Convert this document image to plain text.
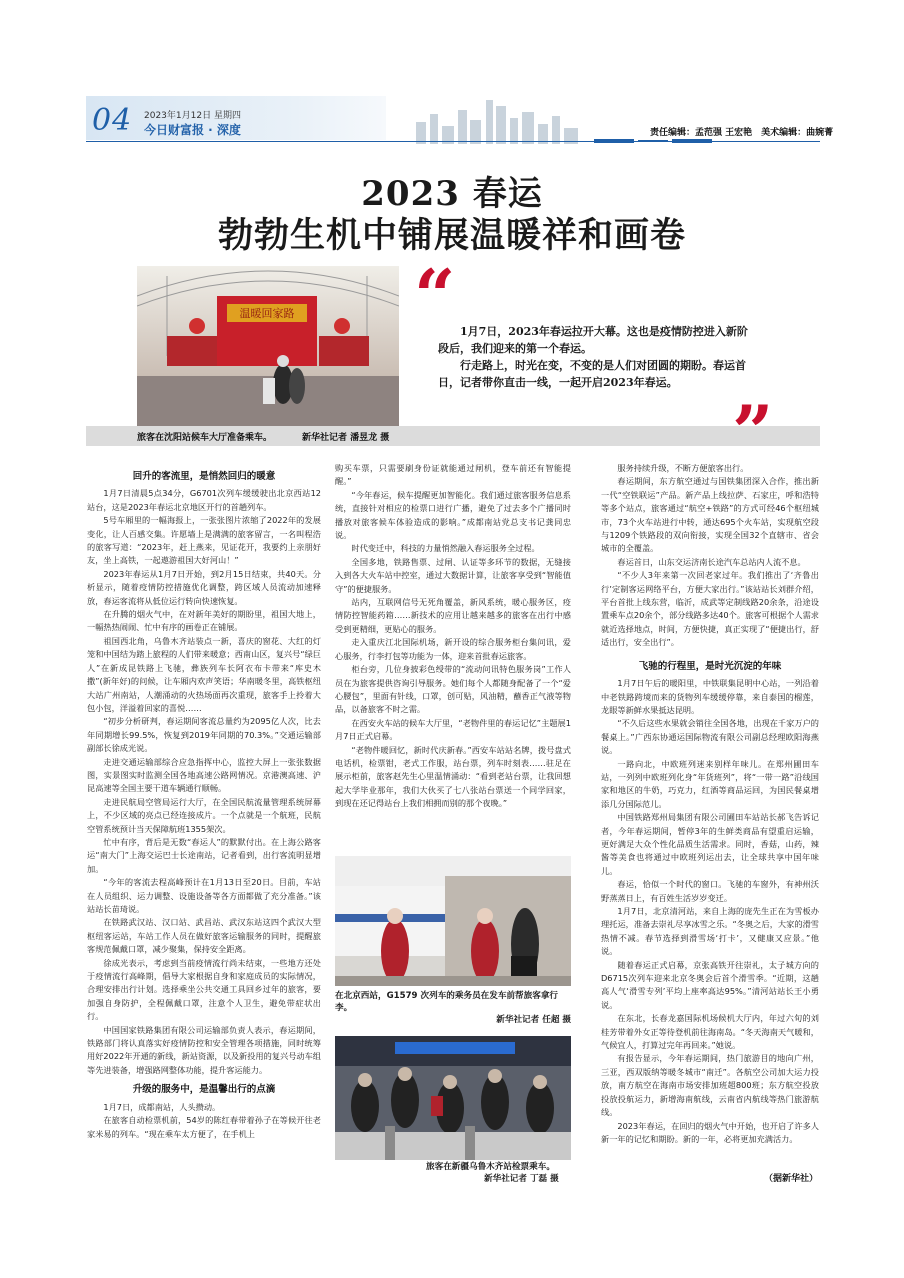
04 2023年1月12日 星期四
今日财富报 · 深度	责任编辑：孟范强 王宏艳　美术编辑：曲婉菁
2023 春运
勃勃生机中铺展温暖祥和画卷
温暖回家路
旅客在沈阳站候车大厅准备乘车。	新华社记者 潘昱龙 摄
“
”

1月7日，2023年春运拉开大幕。这也是疫情防控进入新阶段后，我们迎来的第一个春运。

行走路上，时光在变，不变的是人们对团圆的期盼。春运首日，记者带你直击一线，一起开启2023年春运。

回升的客流里，是悄然回归的暖意

1月7日清晨5点34分，G6701次列车缓缓驶出北京西站12站台，这是2023年春运北京地区开行的首趟列车。

5号车厢里的一幅海报上，一张张图片浓缩了2022年的发展变化，让人百感交集。许愿墙上是满满的旅客留言，一名叫程浩的旅客写道：“2023年，赶上燕来，见证花开，我要约上亲朋好友，坐上高铁，一起遨游祖国大好河山！”

2023年春运从1月7日开始，到2月15日结束，共40天。分析显示，随着疫情防控措施优化调整，跨区域人员流动加速释放，春运客流将从低位运行转向快速恢复。

在升腾的烟火气中，在对新年美好的期盼里，祖国大地上，一幅热热闹闹、忙中有序的画卷正在铺展。

祖国西北角，乌鲁木齐站装点一新，喜庆的窗花、大红的灯笼和中国结为踏上旅程的人们带来暖意；西南山区，复兴号“绿巨人”在新成昆铁路上飞驰，彝族列车长阿衣布卡带来“库史木撒”(新年好)的问候，让车厢内欢声笑语；华南暖冬里，高铁枢纽大站广州南站，人潮涌动的火热场面再次重现，旅客手上拎着大包小包，洋溢着回家的喜悦……

“初步分析研判，春运期间客流总量约为2095亿人次，比去年同期增长99.5%，恢复到2019年同期的70.3%。”交通运输部副部长徐成光说。

走进交通运输部综合应急指挥中心，监控大屏上一张张数据图，实景图实时监测全国各地高速公路网情况。京港澳高速、沪昆高速等全国主要干道车辆通行顺畅。

走进民航局空管局运行大厅，在全国民航流量管理系统屏幕上，不少区域的亮点已经连接成片。一个点就是一个航班，民航空管系统预计当天保障航班1355架次。

忙中有序，背后是无数“春运人”的默默付出。在上海公路客运“南大门”上海交运巴士长途南站，记者看到，出行客流明显增加。

“今年的客流去程高峰预计在1月13日至20日。目前，车站在人员组织、运力调整、设施设备等各方面都做了充分准备。”该站站长苗琦说。

在铁路武汉站、汉口站、武昌站、武汉东站这四个武汉大型枢纽客运站，车站工作人员在做好旅客运输服务的同时，提醒旅客规范佩戴口罩，减少聚集，保持安全距离。

徐成光表示，考虑到当前疫情流行尚未结束，一些地方还处于疫情流行高峰期，倡导大家根据自身和家庭成员的实际情况，合理安排出行计划。选择乘坐公共交通工具回乡过年的旅客，要加强自身防护，全程佩戴口罩，注意个人卫生，避免带症状出行。

中国国家铁路集团有限公司运输部负责人表示，春运期间，铁路部门将认真落实好疫情防控和安全管理各项措施，同时统筹用好2022年开通的新线，新站资源，以及新投用的复兴号动车组等先进装备，增强路网整体功能，提升客运能力。

升级的服务中，是温馨出行的点滴

1月7日，成都南站，人头攒动。

在旅客自动检票机前，54岁的陈红春带着孙子在等候开往老家米易的列车。“现在乘车太方便了，在手机上

购买车票，只需要刷身份证就能通过闸机，登车前还有智能提醒。”

“今年春运，候车提醒更加智能化。我们通过旅客服务信息系统，直接针对相应的检票口进行广播，避免了过去多个广播同时播放对旅客候车体验造成的影响。”成都南站党总支书记龚同忠说。

时代变迁中，科技的力量悄然融入春运服务全过程。

全国多地，铁路售票、过闸、认证等多环节的数据，无缝接入到各大火车站中控室，通过大数据计算，让旅客享受到“智能值守”的便捷服务。

站内，互联网信号无死角覆盖，新风系统，暖心服务区，疫情防控智能药箱……新技术的应用让越来越多的旅客在出行中感受到更精细，更贴心的服务。

走入重庆江北国际机场，新开设的综合服务柜台集问讯，爱心服务，行李打包等功能为一体，迎来首批春运旅客。

柜台旁，几位身披彩色绶带的“流动问讯特色服务岗”工作人员在为旅客提供咨询引导服务。她们每个人都随身配备了一个“爱心腰包”，里面有针线，口罩，创可贴，风油精，蘸香正气液等物品，以备旅客不时之需。

在西安火车站的候车大厅里，“老物件里的春运记忆”主题展1月7日正式启幕。

“老物件暖回忆，新时代庆新春。”西安车站站名牌，拨号盘式电话机，检票钳，老式工作服，站台票，列车时刻表……驻足在展示柜前，旅客赵先生心里温情涌动：“看到老站台票，让我回想起大学毕业那年，我们大伙买了七八张站台票送一个同学回家，到现在还记得站台上我们相拥而别的那个夜晚。”

在北京西站，G1579 次列车的乘务员在发车前帮旅客拿行李。
新华社记者 任超 摄
旅客在新疆乌鲁木齐站检票乘车。
新华社记者 丁磊 摄

服务持续升级，不断方便旅客出行。

春运期间，东方航空通过与国铁集团深入合作，推出新一代“空铁联运”产品。新产品上线拉萨、石家庄，呼和浩特等多个站点，旅客通过“航空+铁路”的方式可经46个枢纽城市，73个火车站进行中转，通达695个火车站，实现航空段与1209个铁路段的双向衔接，实现全国32个直辖市、省会城市的全覆盖。

春运首日，山东交运济南长途汽车总站内人流不息。

“不少人3年来第一次回老家过年。我们推出了‘齐鲁出行’定制客运网络平台，方便大家出行。”该站站长刘群介绍，平台首批上线东营，临沂，成武等定制线路20余条，沿途设置乘车点20余个，部分线路多达40个。旅客可根据个人需求就近选择地点，时间，方便快捷，真正实现了“便捷出行，舒适出行，安全出行”。

飞驰的行程里，是时光沉淀的年味

1月7日午后的暖阳里，中铁联集昆明中心站，一列沿着中老铁路跨境而来的货物列车缓缓停靠，来自泰国的榴莲，龙眼等新鲜水果抵达昆明。

“不久后这些水果就会销往全国各地，出现在千家万户的餐桌上。”广西东协通运国际物流有限公司副总经理欧阳海燕说。

一路向北，中欧班列迷来别样年味儿。在郑州圃田车站，一列列中欧班列化身“年货班列”，将“一带一路”沿线国家和地区的牛奶，巧克力，红酒等商品运回，为国民餐桌增添几分国际范儿。

中国铁路郑州局集团有限公司圃田车站站长郝飞告诉记者，今年春运期间，暂停3年的生鲜类商品有望重启运输，更好满足大众个性化品质生活需求。同时，香菇，山药，辣酱等美食也将通过中欧班列运出去，让全球共享中国年味儿。

春运，恰似一个时代的窗口。飞驰的车窗外，有神州沃野蒸蒸日上，有百姓生活岁岁变迁。

1月7日，北京清河站，来自上海的庞先生正在为雪板办理托运，准备去崇礼尽享冰雪之乐。“冬奥之后，大家的滑雪热情不减。春节选择到滑雪场‘打卡’，又健康又应景。”他说。

随着春运正式启幕，京张高铁开往崇礼，太子城方向的D6715次列车迎来北京冬奥会后首个滑雪季。“近期，这趟高人气‘滑雪专列’平均上座率高达95%。”清河站站长王小勇说。

在东北，长春龙嘉国际机场候机大厅内，年过六旬的刘桂芳带着外女正等待登机前往海南岛。“冬天海南天气暖和，气候宜人，打算过完年再回来。”她说。

有报告显示，今年春运期间，热门旅游目的地向广州，三亚，西双版纳等暖冬城市“南迁”。各航空公司加大运力投放，南方航空在海南市场安排加班超800班；东方航空投放投放投航运力，新增海南航线，云南省内航线等热门旅游航线。

2023年春运，在回归的烟火气中开始，也开启了许多人新一年的记忆和期盼。新的一年，必将更加充满活力。

（据新华社）
